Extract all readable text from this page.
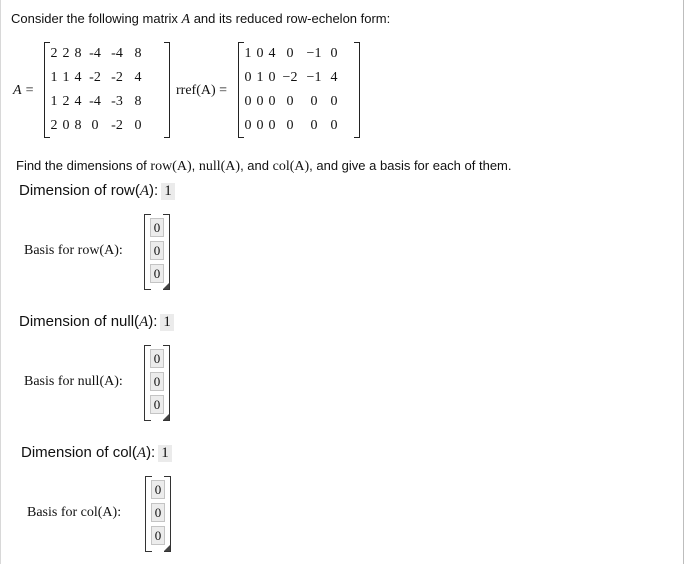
Consider the following matrix A and its reduced row-echelon form:
A =
2 2 8 -4 -4 8
1 1 4 -2 -2 4
1 2 4 -4 -3 8
2 0 8 0 -2 0
rref(A) =
1 0 4 0 −1 0
0 1 0 −2 −1 4
0 0 0 0	0 0
0 0 0 0	0 0
Find the dimensions of row(A), null(A), and col(A), and give a basis for each of them.
Dimension of row(A): 1
Basis for row(A):
0
0
0
Dimension of null(A): 1
Basis for null(A):
0
0
0
Dimension of col(A): 1
Basis for col(A):
0
0
0
